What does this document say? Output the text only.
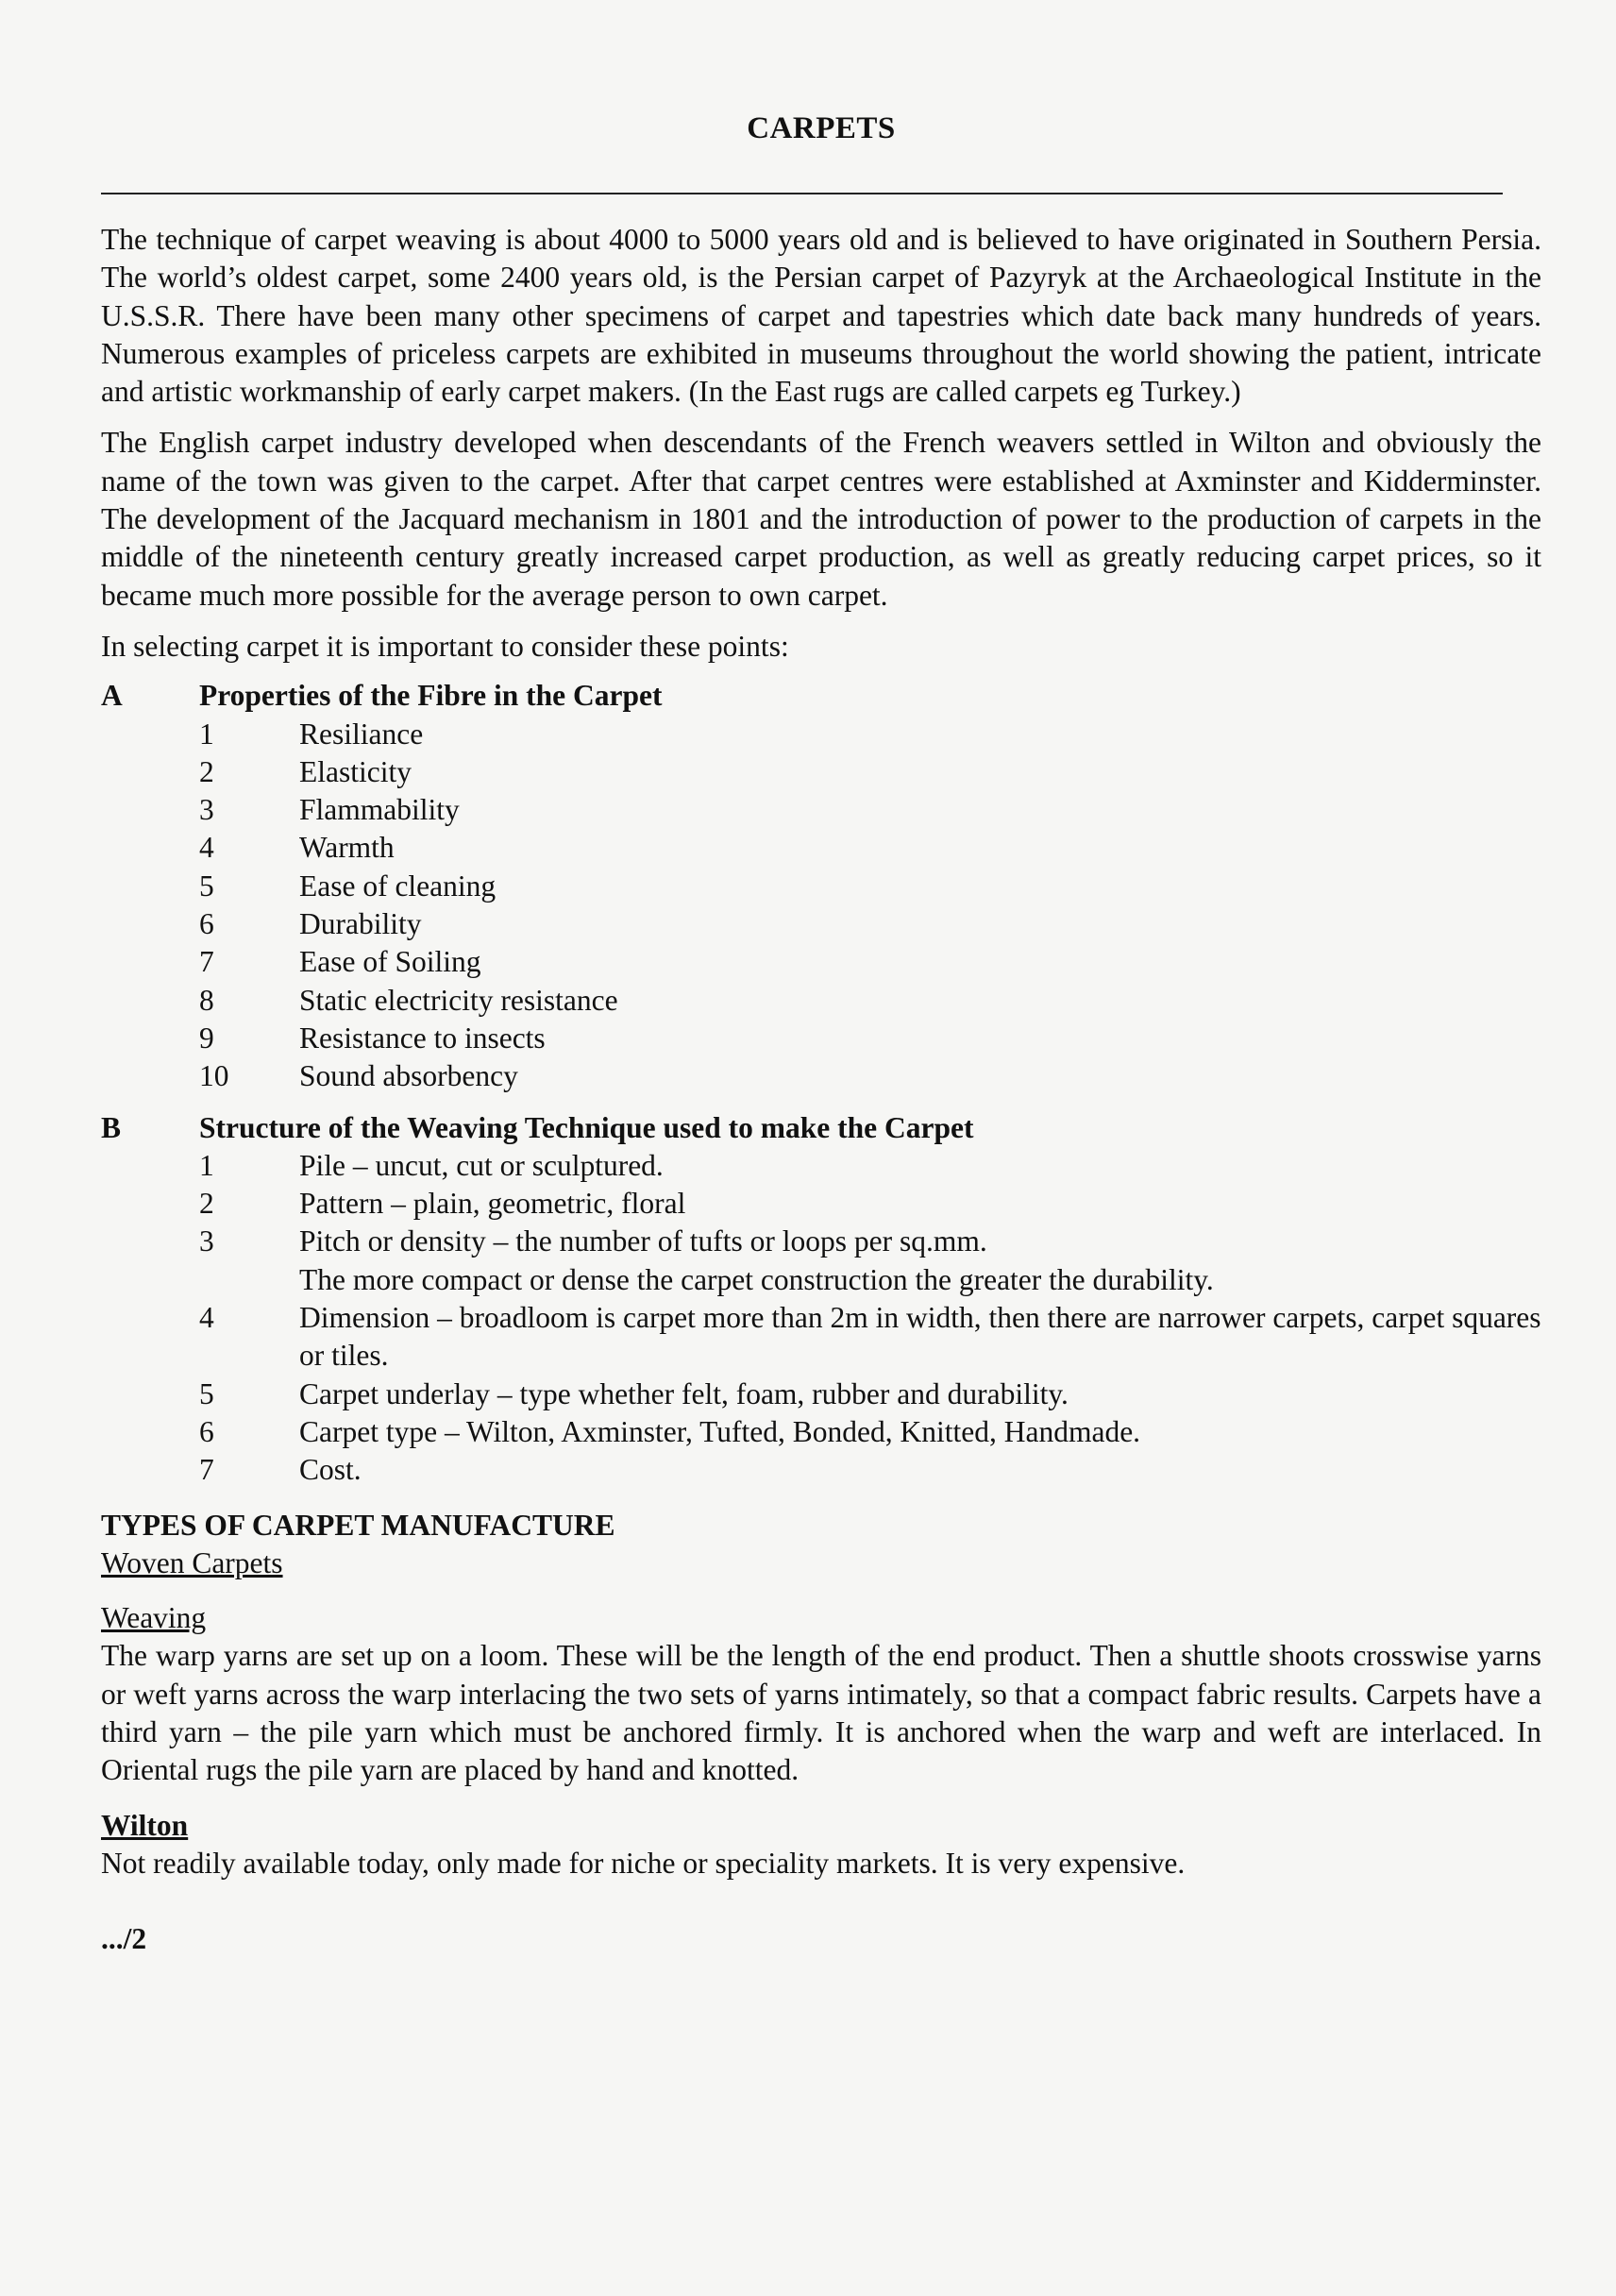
CARPETS

The technique of carpet weaving is about 4000 to 5000 years old and is believed to have originated in Southern Persia. The world’s oldest carpet, some 2400 years old, is the Persian carpet of Pazyryk at the Archaeological Institute in the U.S.S.R. There have been many other specimens of carpet and tapestries which date back many hundreds of years. Numerous examples of priceless carpets are exhibited in museums throughout the world showing the patient, intricate and artistic workmanship of early carpet makers. (In the East rugs are called carpets eg Turkey.)

The English carpet industry developed when descendants of the French weavers settled in Wilton and obviously the name of the town was given to the carpet. After that carpet centres were established at Axminster and Kidderminster. The development of the Jacquard mechanism in 1801 and the introduction of power to the production of carpets in the middle of the nineteenth century greatly increased carpet production, as well as greatly reducing carpet prices, so it became much more possible for the average person to own carpet.

In selecting carpet it is important to consider these points:

A	Properties of the Fibre in the Carpet
1	Resiliance
2	Elasticity
3	Flammability
4	Warmth
5	Ease of cleaning
6	Durability
7	Ease of Soiling
8	Static electricity resistance
9	Resistance to insects
10 Sound absorbency
B	Structure of the Weaving Technique used to make the Carpet
1	Pile – uncut, cut or sculptured.
2	Pattern – plain, geometric, floral
3	Pitch or density – the number of tufts or loops per sq.mm.
The more compact or dense the carpet construction the greater the durability.
4	Dimension – broadloom is carpet more than 2m in width, then there are narrower carpets, carpet squares or tiles.
5	Carpet underlay – type whether felt, foam, rubber and durability.
6	Carpet type – Wilton, Axminster, Tufted, Bonded, Knitted, Handmade.
7	Cost.
TYPES OF CARPET MANUFACTURE
Woven Carpets
Weaving

The warp yarns are set up on a loom. These will be the length of the end product. Then a shuttle shoots crosswise yarns or weft yarns across the warp interlacing the two sets of yarns intimately, so that a compact fabric results. Carpets have a third yarn – the pile yarn which must be anchored firmly. It is anchored when the warp and weft are interlaced. In Oriental rugs the pile yarn are placed by hand and knotted.

Wilton

Not readily available today, only made for niche or speciality markets. It is very expensive.

.../2
